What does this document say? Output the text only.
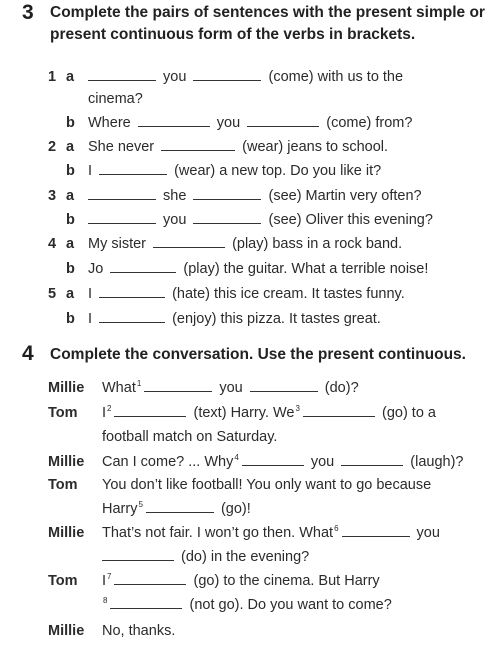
3 Complete the pairs of sentences with the present simple or present continuous form of the verbs in brackets.
1 a	you	(come) with us to the
cinema?
b Where	you	(come) from?
2 a She never	(wear) jeans to school.
b I	(wear) a new top. Do you like it?
3 a	she	(see) Martin very often?
b	you	(see) Oliver this evening?
4 a My sister	(play) bass in a rock band.
b Jo	(play) the guitar. What a terrible noise!
5 a I	(hate) this ice cream. It tastes funny.
b I	(enjoy) this pizza. It tastes great.
4 Complete the conversation. Use the present continuous.
Millie What$^1$	you	(do)?
Tom $I^2$	(text) Harry. We$^3$	(go) to a
football match on Saturday.
Millie Can I come? ... Why$^4$	you	(laugh)?
Tom You don’t like football! You only want to go because
Harry$^5$	(go)!
Millie That’s not fair. I won’t go then. What$^6$	you
(do) in the evening?
Tom $I^7$	(go) to the cinema. But Harry
$^8$	(not go). Do you want to come?
Millie No, thanks.
